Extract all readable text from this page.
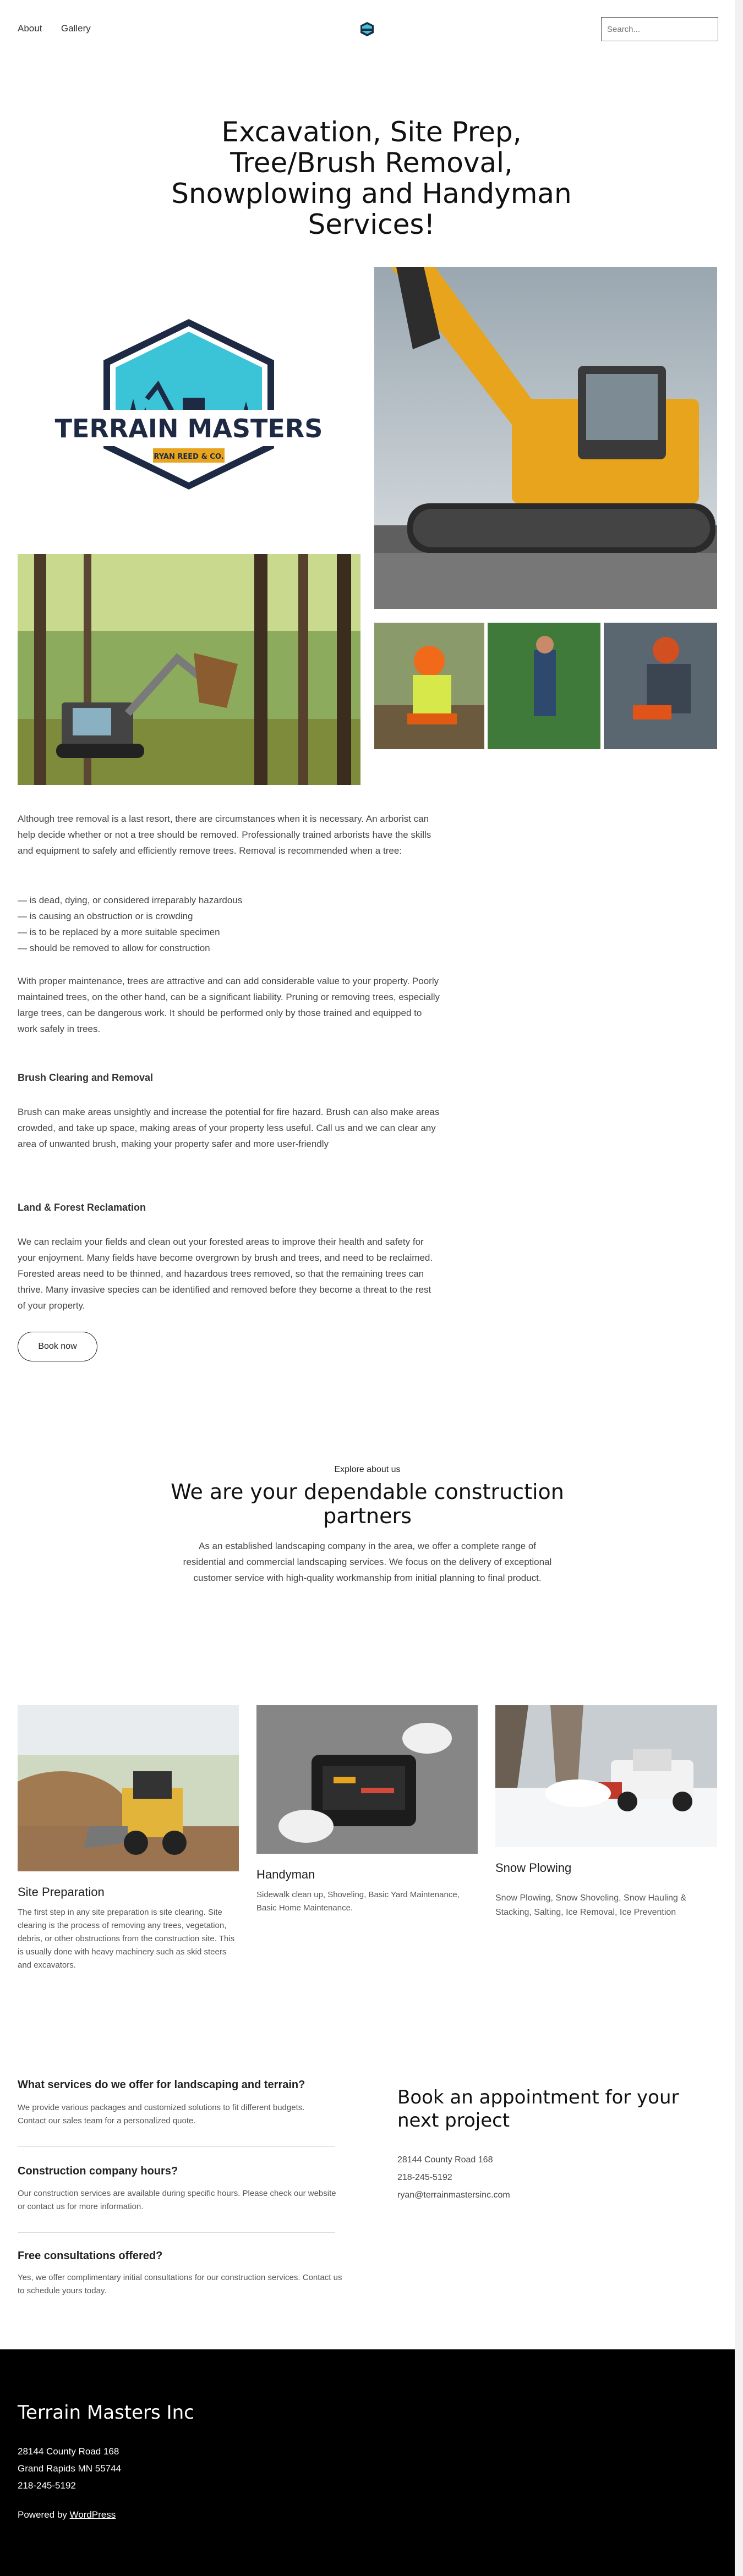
About Gallery
Search...
Excavation, Site Prep,
Tree/Brush Removal,
Snowplowing and Handyman
Services!
TERRAIN MASTERS
RYAN REED & CO.
Although tree removal is a last resort, there are circumstances when it is necessary. An arborist can help decide whether or not a tree should be removed. Professionally trained arborists have the skills and equipment to safely and efficiently remove trees. Removal is recommended when a tree:
— is dead, dying, or considered irreparably hazardous
— is causing an obstruction or is crowding
— is to be replaced by a more suitable specimen
— should be removed to allow for construction
With proper maintenance, trees are attractive and can add considerable value to your property. Poorly maintained trees, on the other hand, can be a significant liability. Pruning or removing trees, especially large trees, can be dangerous work. It should be performed only by those trained and equipped to work safely in trees.
Brush Clearing and Removal
Brush can make areas unsightly and increase the potential for fire hazard. Brush can also make areas crowded, and take up space, making areas of your property less useful. Call us and we can clear any area of unwanted brush, making your property safer and more user-friendly
Land & Forest Reclamation
We can reclaim your fields and clean out your forested areas to improve their health and safety for your enjoyment. Many fields have become overgrown by brush and trees, and need to be reclaimed. Forested areas need to be thinned, and hazardous trees removed, so that the remaining trees can thrive. Many invasive species can be identified and removed before they become a threat to the rest of your property.
Book now
Explore about us
We are your dependable construction
partners
As an established landscaping company in the area, we offer a complete range of residential and commercial landscaping services. We focus on the delivery of exceptional customer service with high-quality workmanship from initial planning to final product.
Site Preparation
The first step in any site preparation is site clearing. Site clearing is the process of removing any trees, vegetation, debris, or other obstructions from the construction site. This is usually done with heavy machinery such as skid steers and excavators.
Handyman
Sidewalk clean up, Shoveling, Basic Yard Maintenance, Basic Home Maintenance.
Snow Plowing
Snow Plowing, Snow Shoveling, Snow Hauling & Stacking, Salting, Ice Removal, Ice Prevention
What services do we offer for landscaping and terrain?
We provide various packages and customized solutions to fit different budgets. Contact our sales team for a personalized quote.
Construction company hours?
Our construction services are available during specific hours. Please check our website or contact us for more information.
Free consultations offered?
Yes, we offer complimentary initial consultations for our construction services. Contact us to schedule yours today.
Book an appointment for your
next project
28144 County Road 168
218-245-5192
ryan@terrainmastersinc.com
Terrain Masters Inc
28144 County Road 168
Grand Rapids MN 55744
218-245-5192
Powered by WordPress
